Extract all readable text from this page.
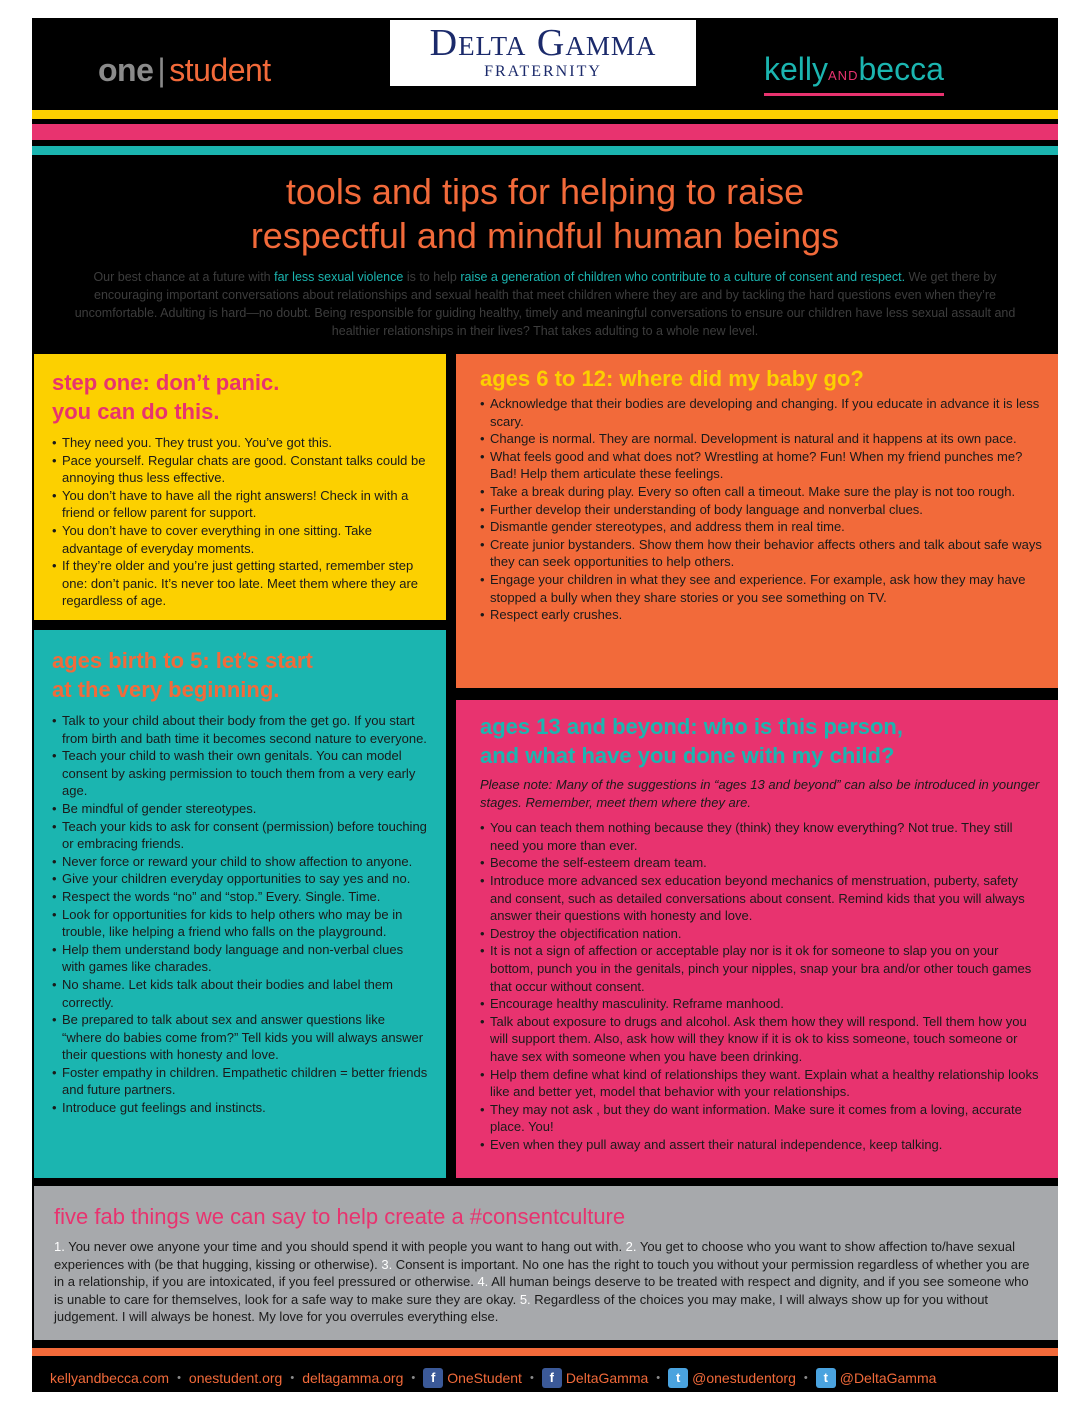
one | student
Delta Gamma
FRATERNITY	kellyANDbecca
tools and tips for helping to raise
respectful and mindful human beings
Our best chance at a future with far less sexual violence is to help raise a generation of children who contribute to a culture of consent and respect. We get there by encouraging important conversations about relationships and sexual health that meet children where they are and by tackling the hard questions even when they’re uncomfortable. Adulting is hard—no doubt. Being responsible for guiding healthy, timely and meaningful conversations to ensure our children have less sexual assault and healthier relationships in their lives? That takes adulting to a whole new level.
step one: don’t panic.
you can do this.
• They need you. They trust you. You’ve got this.
• Pace yourself. Regular chats are good. Constant talks could be annoying thus less effective.
• You don’t have to have all the right answers! Check in with a friend or fellow parent for support.
• You don’t have to cover everything in one sitting. Take advantage of everyday moments.
• If they’re older and you’re just getting started, remember step one: don’t panic. It’s never too late. Meet them where they are regardless of age.
ages birth to 5: let’s start
at the very beginning.
• Talk to your child about their body from the get go. If you start from birth and bath time it becomes second nature to everyone.
• Teach your child to wash their own genitals. You can model consent by asking permission to touch them from a very early age.
• Be mindful of gender stereotypes.
• Teach your kids to ask for consent (permission) before touching or embracing friends.
• Never force or reward your child to show affection to anyone.
• Give your children everyday opportunities to say yes and no.
• Respect the words “no” and “stop.” Every. Single. Time.
• Look for opportunities for kids to help others who may be in trouble, like helping a friend who falls on the playground.
• Help them understand body language and non-verbal clues with games like charades.
• No shame. Let kids talk about their bodies and label them correctly.
• Be prepared to talk about sex and answer questions like “where do babies come from?” Tell kids you will always answer their questions with honesty and love.
• Foster empathy in children. Empathetic children = better friends and future partners.
• Introduce gut feelings and instincts.
ages 6 to 12: where did my baby go?
• Acknowledge that their bodies are developing and changing. If you educate in advance it is less scary.
• Change is normal. They are normal. Development is natural and it happens at its own pace.
• What feels good and what does not? Wrestling at home? Fun! When my friend punches me? Bad! Help them articulate these feelings.
• Take a break during play. Every so often call a timeout. Make sure the play is not too rough.
• Further develop their understanding of body language and nonverbal clues.
• Dismantle gender stereotypes, and address them in real time.
• Create junior bystanders. Show them how their behavior affects others and talk about safe ways they can seek opportunities to help others.
• Engage your children in what they see and experience. For example, ask how they may have stopped a bully when they share stories or you see something on TV.
• Respect early crushes.
ages 13 and beyond: who is this person,
and what have you done with my child?
Please note: Many of the suggestions in “ages 13 and beyond” can also be introduced in younger stages. Remember, meet them where they are.
• You can teach them nothing because they (think) they know everything? Not true. They still need you more than ever.
• Become the self-esteem dream team.
• Introduce more advanced sex education beyond mechanics of menstruation, puberty, safety and consent, such as detailed conversations about consent. Remind kids that you will always answer their questions with honesty and love.
• Destroy the objectification nation.
• It is not a sign of affection or acceptable play nor is it ok for someone to slap you on your bottom, punch you in the genitals, pinch your nipples, snap your bra and/or other touch games that occur without consent.
• Encourage healthy masculinity. Reframe manhood.
• Talk about exposure to drugs and alcohol. Ask them how they will respond. Tell them how you will support them. Also, ask how will they know if it is ok to kiss someone, touch someone or have sex with someone when you have been drinking.
• Help them define what kind of relationships they want. Explain what a healthy relationship looks like and better yet, model that behavior with your relationships.
• They may not ask , but they do want information. Make sure it comes from a loving, accurate place. You!
• Even when they pull away and assert their natural independence, keep talking.
five fab things we can say to help create a #consentculture
1. You never owe anyone your time and you should spend it with people you want to hang out with. 2. You get to choose who you want to show affection to/have sexual experiences with (be that hugging, kissing or otherwise). 3. Consent is important. No one has the right to touch you without your permission regardless of whether you are in a relationship, if you are intoxicated, if you feel pressured or otherwise. 4. All human beings deserve to be treated with respect and dignity, and if you see someone who is unable to care for themselves, look for a safe way to make sure they are okay. 5. Regardless of the choices you may make, I will always show up for you without judgement. I will always be honest. My love for you overrules everything else.
kellyandbecca.com • onestudent.org • deltagamma.org •	f OneStudent •	f DeltaGamma •	t @onestudentorg •	t @DeltaGamma
